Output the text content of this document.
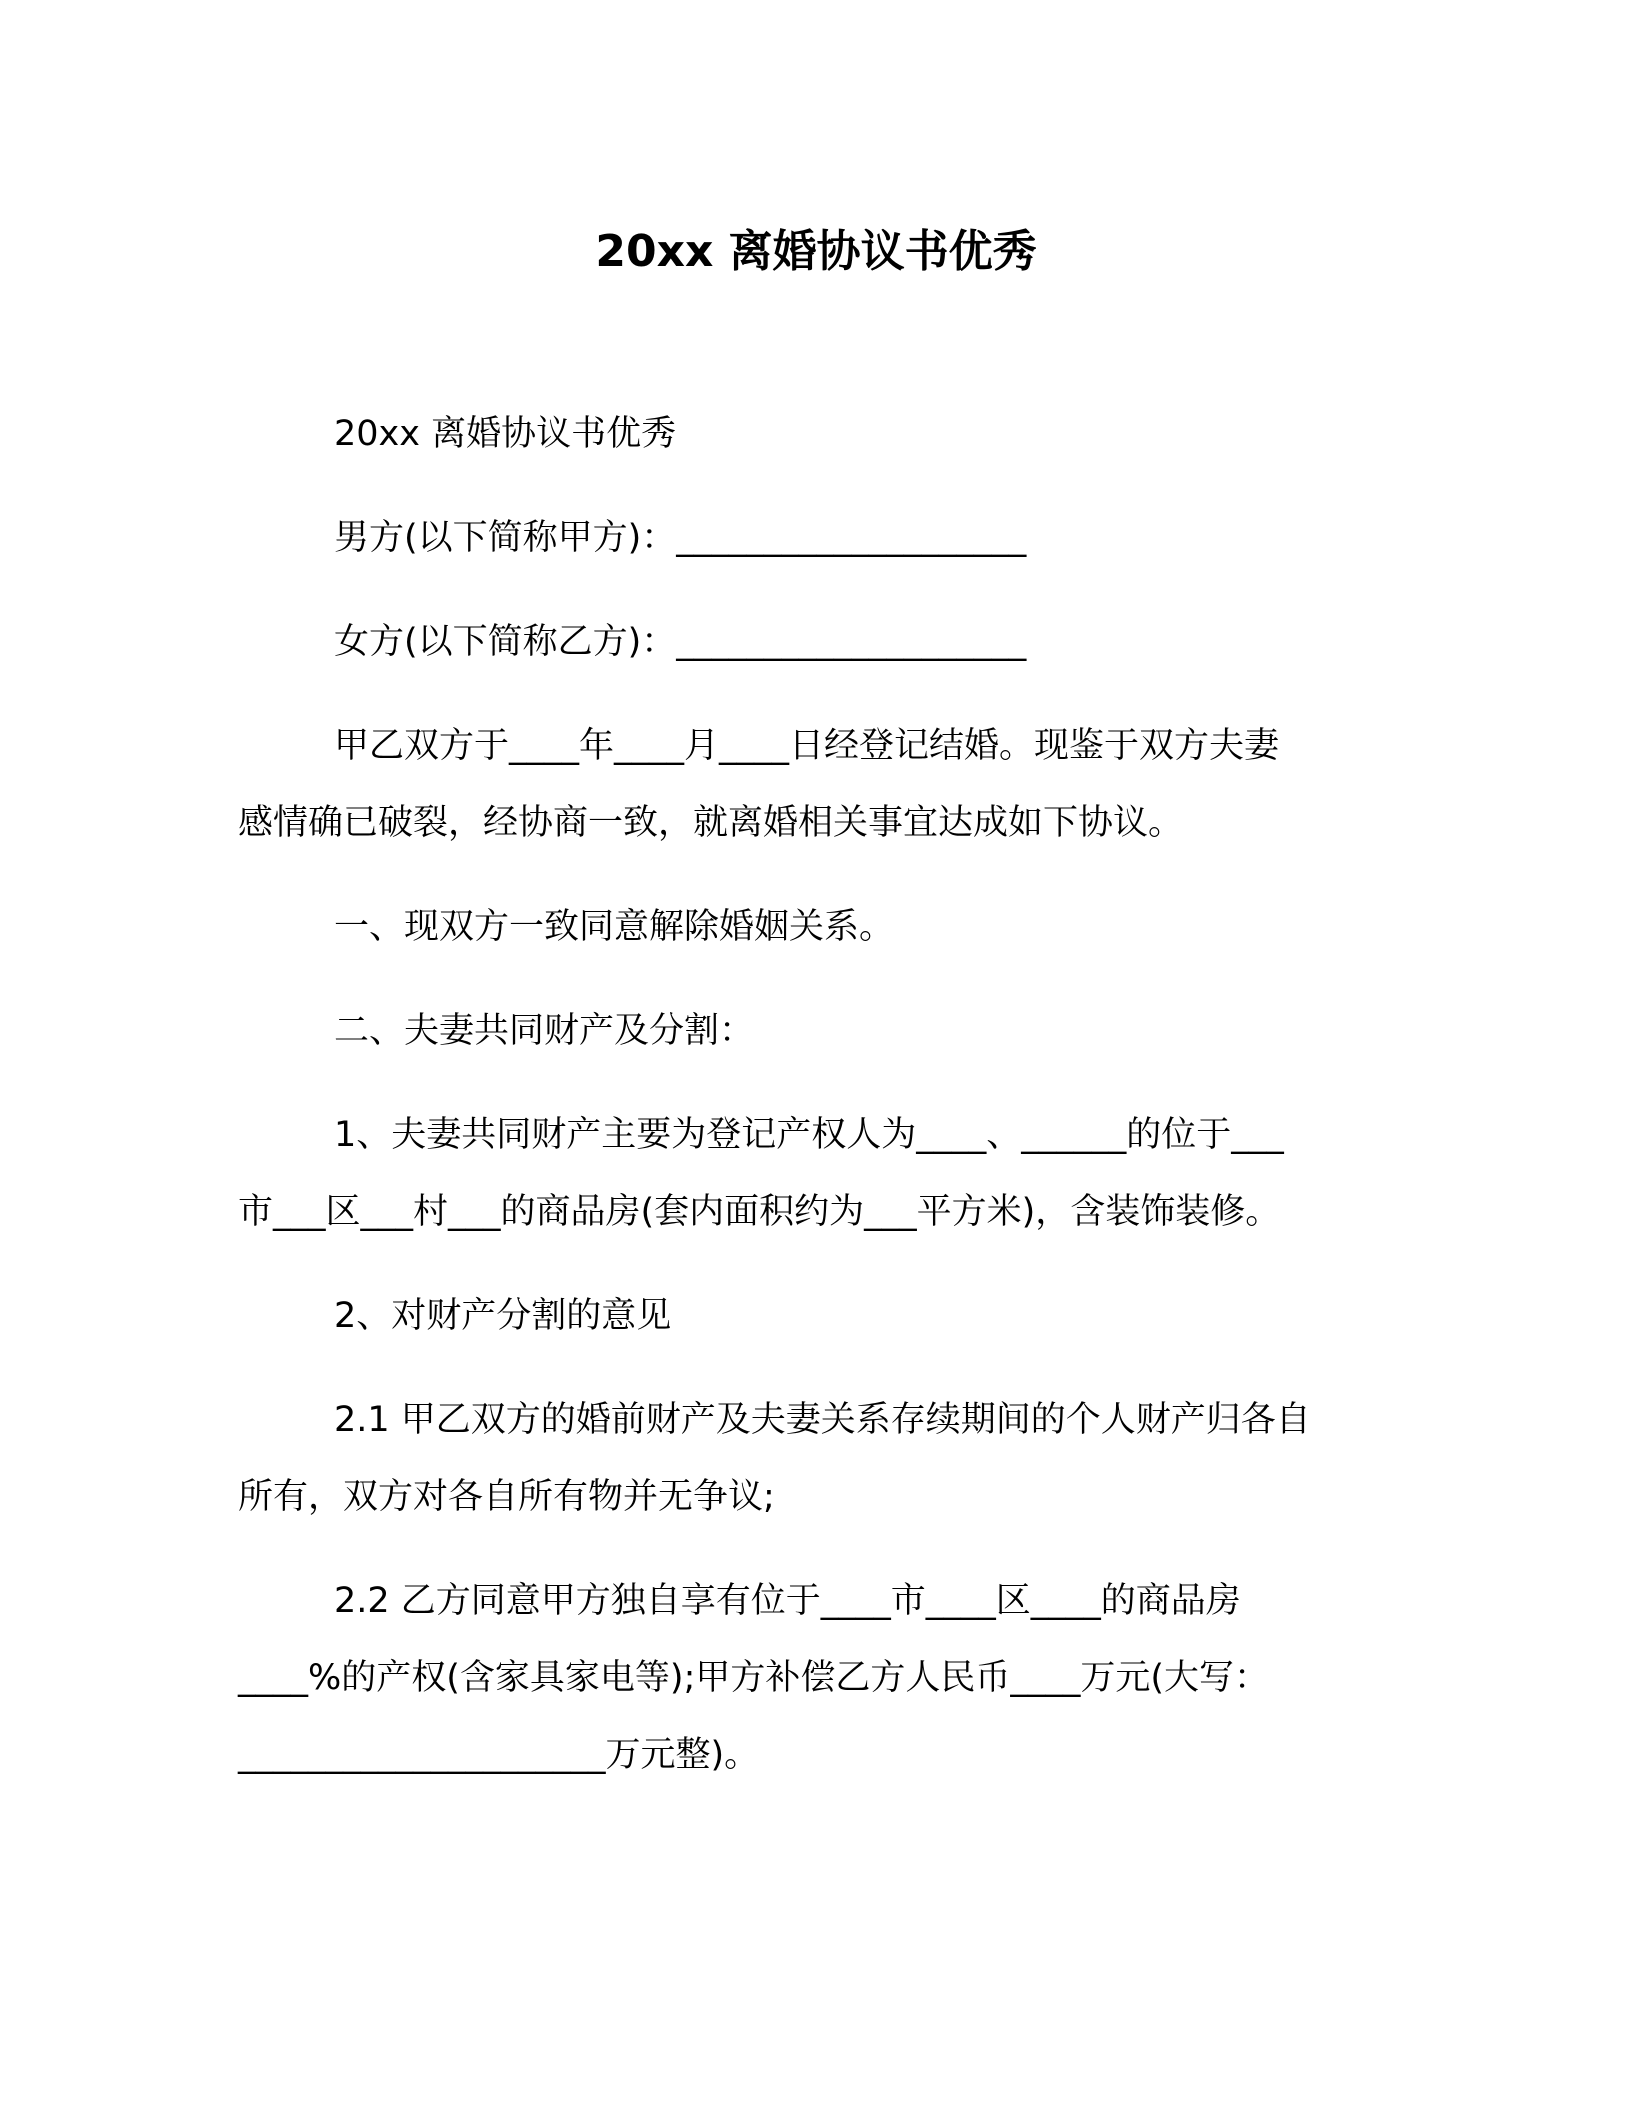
20xx 离婚协议书优秀
20xx 离婚协议书优秀
男方(以下简称甲方)：____________________
女方(以下简称乙方)：____________________
甲乙双方于____年____月____日经登记结婚。现鉴于双方夫妻
感情确已破裂，经协商一致，就离婚相关事宜达成如下协议。
一、现双方一致同意解除婚姻关系。
二、夫妻共同财产及分割：
1、夫妻共同财产主要为登记产权人为____、______的位于___
市___区___村___的商品房(套内面积约为___平方米)，含装饰装修。
2、对财产分割的意见
2.1 甲乙双方的婚前财产及夫妻关系存续期间的个人财产归各自
所有，双方对各自所有物并无争议;
2.2 乙方同意甲方独自享有位于____市____区____的商品房
____%的产权(含家具家电等);甲方补偿乙方人民币____万元(大写：
_____________________万元整)。
